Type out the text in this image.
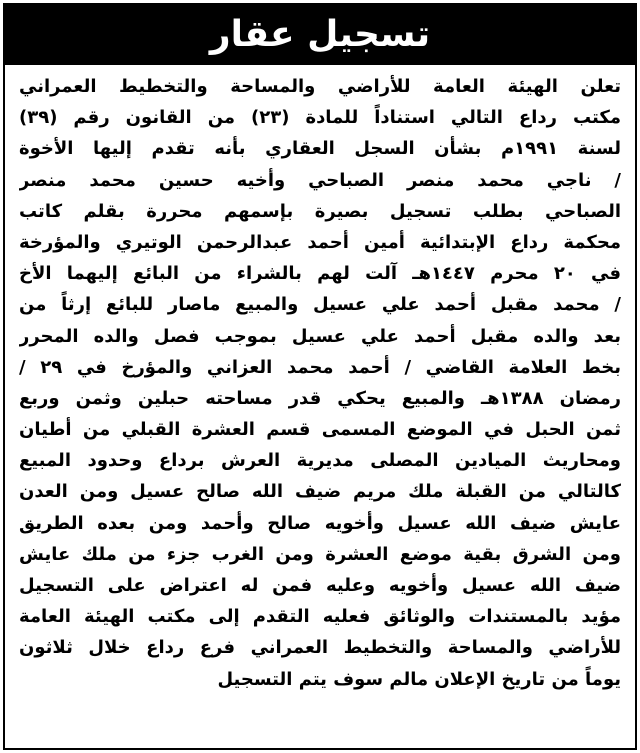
تسجيل عقار
تعلن الهيئة العامة للأراضي والمساحة والتخطيط العمراني
مكتب رداع التالي استناداً للمادة (٢٣) من القانون رقم (٣٩)
لسنة ١٩٩١م بشأن السجل العقاري بأنه تقدم إليها الأخوة
/ ناجي محمد منصر الصباحي وأخيه حسين محمد منصر
الصباحي بطلب تسجيل بصيرة بإسمهم محررة بقلم كاتب
محكمة رداع الإبتدائية أمين أحمد عبدالرحمن الوتيري والمؤرخة
في ٢٠ محرم ١٤٤٧هـ آلت لهم بالشراء من البائع إليهما الأخ
/ محمد مقبل أحمد علي عسيل والمبيع ماصار للبائع إرثاً من
بعد والده مقبل أحمد علي عسيل بموجب فصل والده المحرر
بخط العلامة القاضي / أحمد محمد العزاني والمؤرخ في ٢٩ /
رمضان ١٣٨٨هـ والمبيع يحكي قدر مساحته حبلين وثمن وربع
ثمن الحبل في الموضع المسمى قسم العشرة القبلي من أطيان
ومحاريث الميادين المصلى مديرية العرش برداع وحدود المبيع
كالتالي من القبلة ملك مريم ضيف الله صالح عسيل ومن العدن
عايش ضيف الله عسيل وأخويه صالح وأحمد ومن بعده الطريق
ومن الشرق بقية موضع العشرة ومن الغرب جزء من ملك عايش
ضيف الله عسيل وأخويه وعليه فمن له اعتراض على التسجيل
مؤيد بالمستندات والوثائق فعليه التقدم إلى مكتب الهيئة العامة
للأراضي والمساحة والتخطيط العمراني فرع رداع خلال ثلاثون
يوماً من تاريخ الإعلان مالم سوف يتم التسجيل
